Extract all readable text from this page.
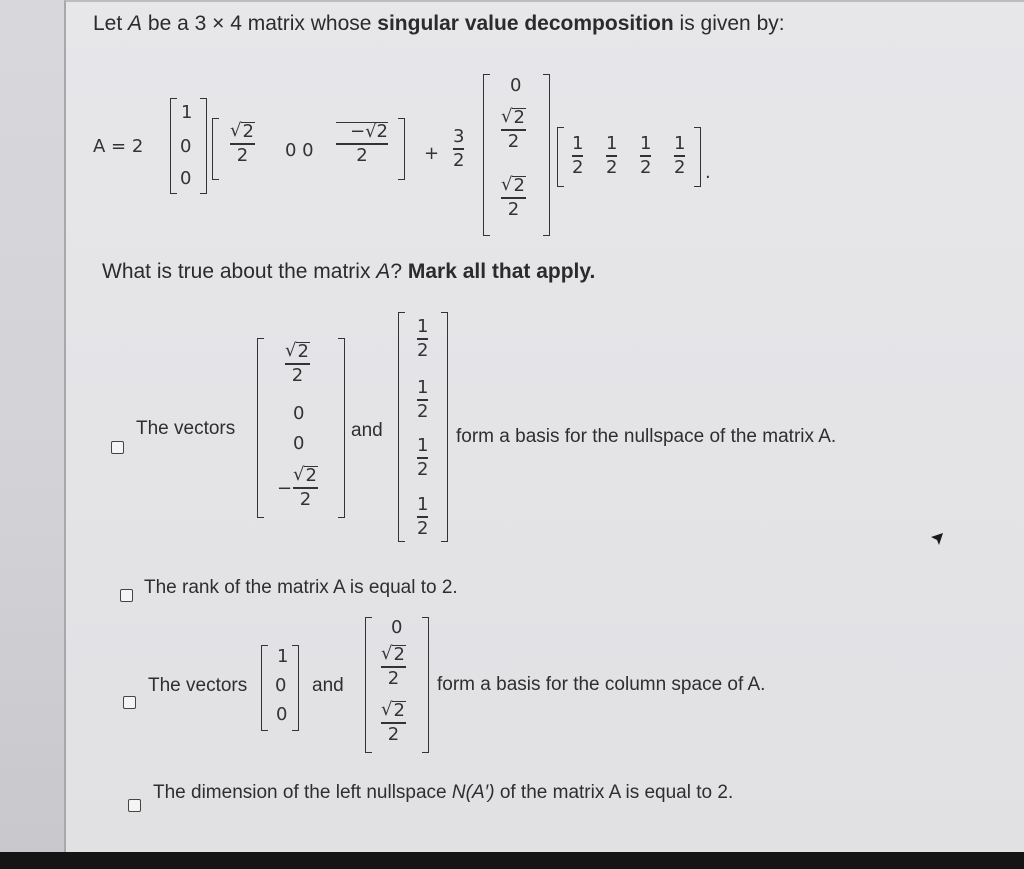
Let A be a 3 × 4 matrix whose singular value decomposition is given by:
A = 2
1
0
0
√ 2
2 0 0
−√2
2	+
3
2
0
√ 2
2
√ 2
2
1
2
1
2
1
2
1
2 .
What is true about the matrix A? Mark all that apply.
The vectors
√ 2
2
0
0
−
√ 2
2
and
1
2
1
2
1
2
1
2
form a basis for the nullspace of the matrix A.
The rank of the matrix A is equal to 2.
The vectors
1
0
0
and
0
√ 2
2
√ 2
2
form a basis for the column space of A.
The dimension of the left nullspace N(A′) of the matrix A is equal to 2.
